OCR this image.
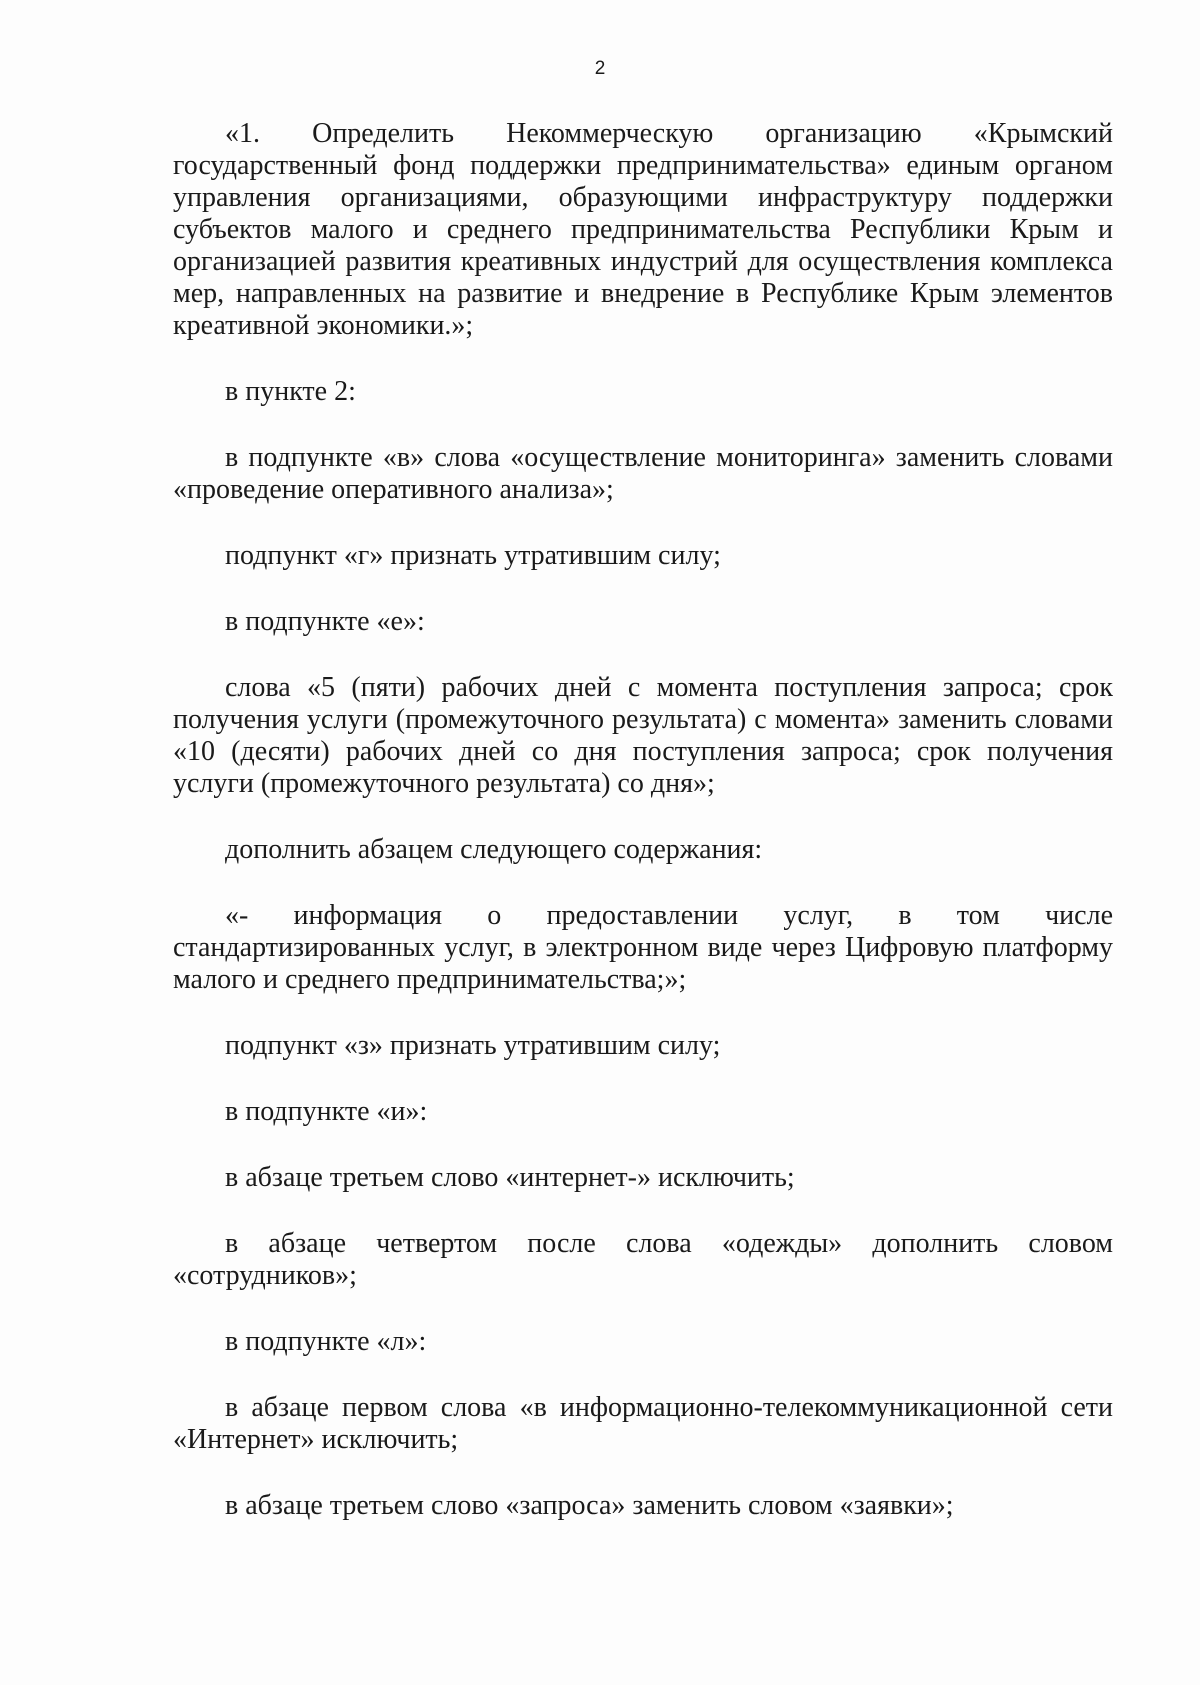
2

«1. Определить Некоммерческую организацию «Крымский государственный фонд поддержки предпринимательства» единым органом управления организациями, образующими инфраструктуру поддержки субъектов малого и среднего предпринимательства Республики Крым и организацией развития креативных индустрий для осуществления комплекса мер, направленных на развитие и внедрение в Республике Крым элементов креативной экономики.»;

в пункте 2:

в подпункте «в» слова «осуществление мониторинга» заменить словами «проведение оперативного анализа»;

подпункт «г» признать утратившим силу;

в подпункте «е»:

слова «5 (пяти) рабочих дней с момента поступления запроса; срок получения услуги (промежуточного результата) с момента» заменить словами «10 (десяти) рабочих дней со дня поступления запроса; срок получения услуги (промежуточного результата) со дня»;

дополнить абзацем следующего содержания:

«- информация о предоставлении услуг, в том числе стандартизированных услуг, в электронном виде через Цифровую платформу малого и среднего предпринимательства;»;

подпункт «з» признать утратившим силу;

в подпункте «и»:

в абзаце третьем слово «интернет-» исключить;

в абзаце четвертом после слова «одежды» дополнить словом «сотрудников»;

в подпункте «л»:

в абзаце первом слова «в информационно-телекоммуникационной сети «Интернет» исключить;

в абзаце третьем слово «запроса» заменить словом «заявки»;
